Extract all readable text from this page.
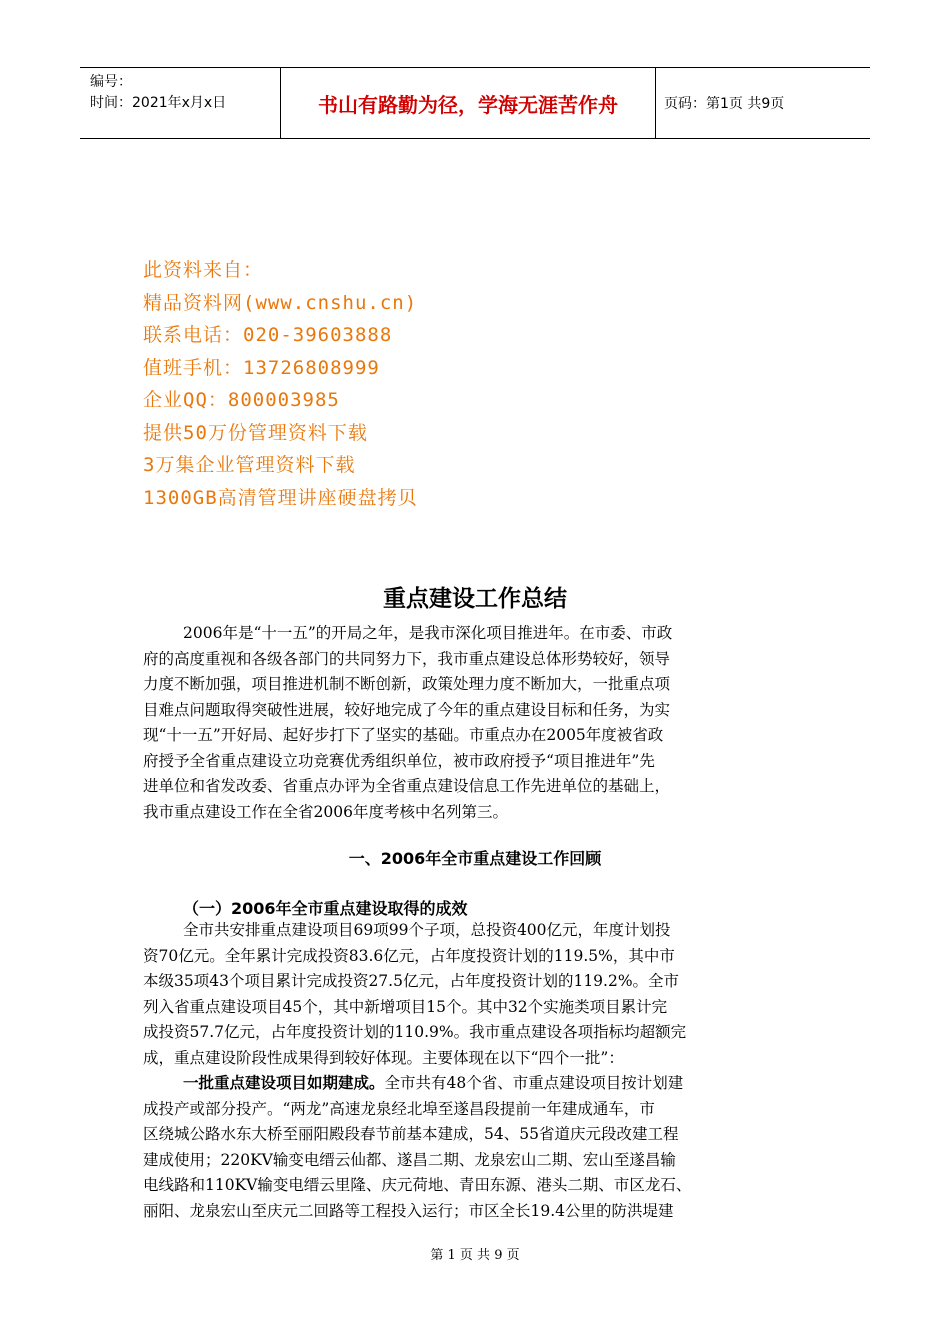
编号：
时间：2021年x月x日	书山有路勤为径，学海无涯苦作舟	页码：第1页 共9页
此资料来自：
精品资料网(www.cnshu.cn)
联系电话：020-39603888
值班手机：13726808999
企业QQ：800003985
提供50万份管理资料下载
3万集企业管理资料下载
1300GB高清管理讲座硬盘拷贝
重点建设工作总结
2006年是“十一五”的开局之年，是我市深化项目推进年。在市委、市政
府的高度重视和各级各部门的共同努力下，我市重点建设总体形势较好，领导
力度不断加强，项目推进机制不断创新，政策处理力度不断加大，一批重点项
目难点问题取得突破性进展，较好地完成了今年的重点建设目标和任务，为实
现“十一五”开好局、起好步打下了坚实的基础。市重点办在2005年度被省政
府授予全省重点建设立功竞赛优秀组织单位，被市政府授予“项目推进年”先
进单位和省发改委、省重点办评为全省重点建设信息工作先进单位的基础上，
我市重点建设工作在全省2006年度考核中名列第三。
一、2006年全市重点建设工作回顾
（一）2006年全市重点建设取得的成效
全市共安排重点建设项目69项99个子项，总投资400亿元，年度计划投
资70亿元。全年累计完成投资83.6亿元，占年度投资计划的119.5%，其中市
本级35项43个项目累计完成投资27.5亿元，占年度投资计划的119.2%。全市
列入省重点建设项目45个，其中新增项目15个。其中32个实施类项目累计完
成投资57.7亿元，占年度投资计划的110.9%。我市重点建设各项指标均超额完
成，重点建设阶段性成果得到较好体现。主要体现在以下“四个一批”：
一批重点建设项目如期建成。全市共有48个省、市重点建设项目按计划建
成投产或部分投产。“两龙”高速龙泉经北埠至遂昌段提前一年建成通车，市
区绕城公路水东大桥至丽阳殿段春节前基本建成，54、55省道庆元段改建工程
建成使用；220KV输变电缙云仙都、遂昌二期、龙泉宏山二期、宏山至遂昌输
电线路和110KV输变电缙云里隆、庆元荷地、青田东源、港头二期、市区龙石、
丽阳、龙泉宏山至庆元二回路等工程投入运行；市区全长19.4公里的防洪堤建
第 1 页 共 9 页
